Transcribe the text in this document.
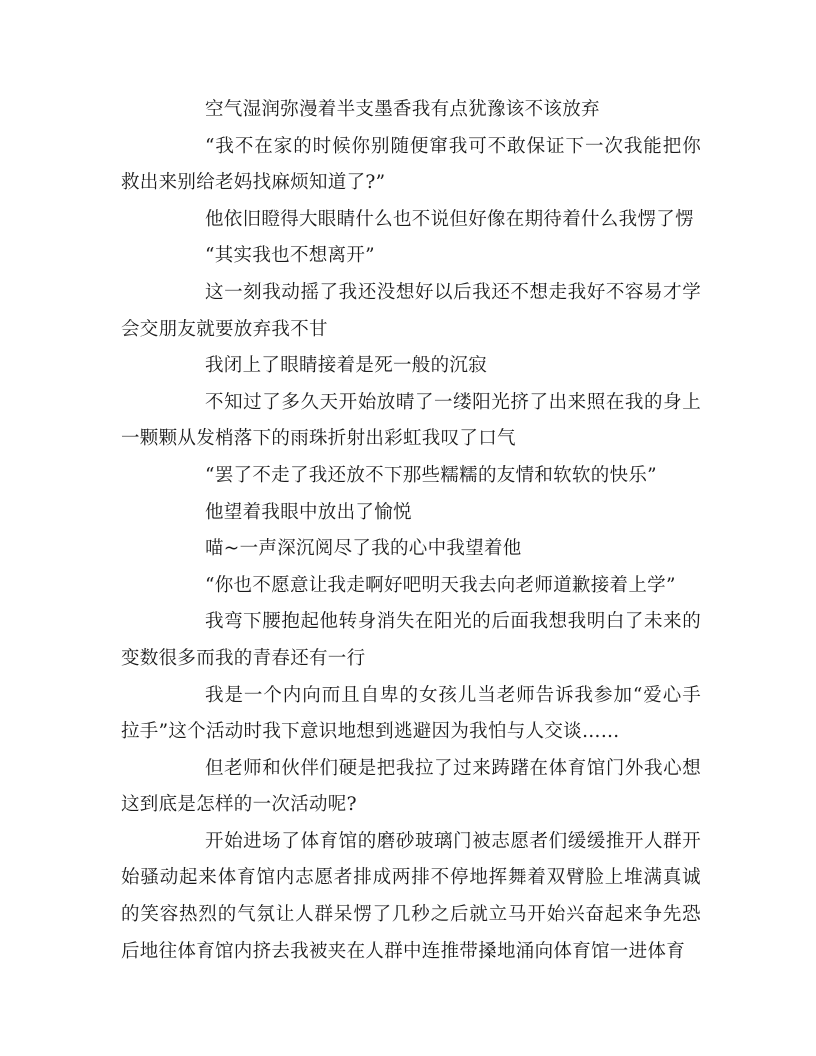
空气湿润弥漫着半支墨香我有点犹豫该不该放弃

“我不在家的时候你别随便窜我可不敢保证下一次我能把你救出来别给老妈找麻烦知道了?”

他依旧瞪得大眼睛什么也不说但好像在期待着什么我愣了愣

“其实我也不想离开”

这一刻我动摇了我还没想好以后我还不想走我好不容易才学会交朋友就要放弃我不甘

我闭上了眼睛接着是死一般的沉寂

不知过了多久天开始放晴了一缕阳光挤了出来照在我的身上一颗颗从发梢落下的雨珠折射出彩虹我叹了口气

“罢了不走了我还放不下那些糯糯的友情和软软的快乐”

他望着我眼中放出了愉悦

喵~一声深沉阅尽了我的心中我望着他

“你也不愿意让我走啊好吧明天我去向老师道歉接着上学”

我弯下腰抱起他转身消失在阳光的后面我想我明白了未来的变数很多而我的青春还有一行

我是一个内向而且自卑的女孩儿当老师告诉我参加“爱心手拉手”这个活动时我下意识地想到逃避因为我怕与人交谈……

但老师和伙伴们硬是把我拉了过来踌躇在体育馆门外我心想这到底是怎样的一次活动呢?

开始进场了体育馆的磨砂玻璃门被志愿者们缓缓推开人群开始骚动起来体育馆内志愿者排成两排不停地挥舞着双臂脸上堆满真诚的笑容热烈的气氛让人群呆愣了几秒之后就立马开始兴奋起来争先恐后地往体育馆内挤去我被夹在人群中连推带搡地涌向体育馆一进体育
